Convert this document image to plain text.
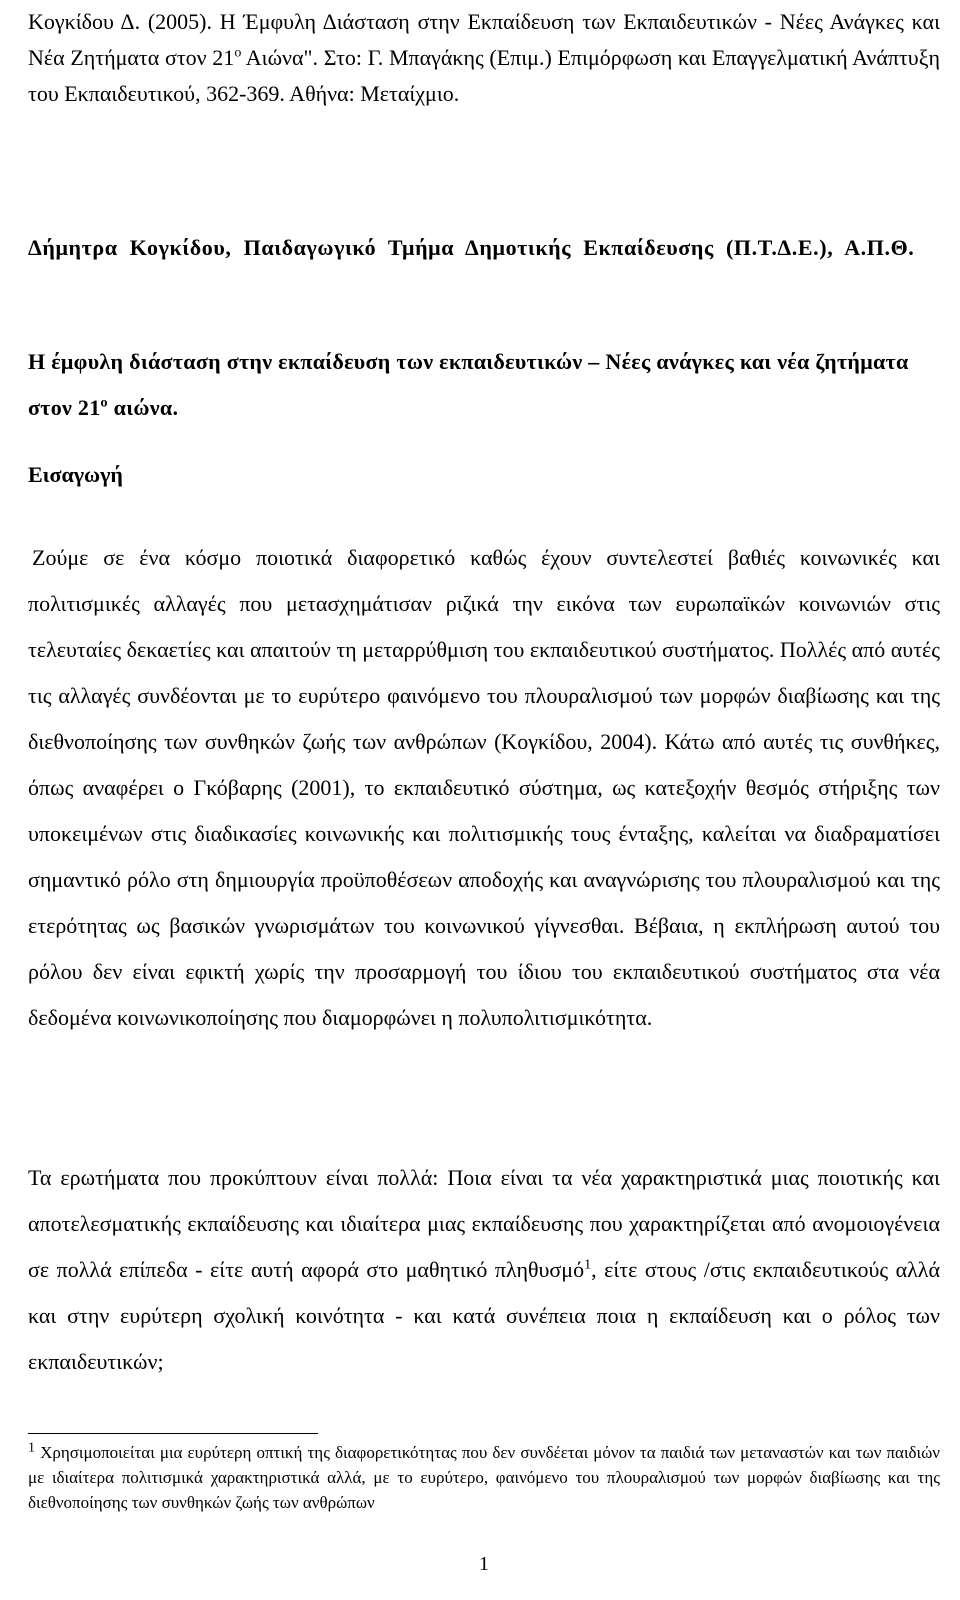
Κογκίδου Δ. (2005). Η Έμφυλη Διάσταση στην Εκπαίδευση των Εκπαιδευτικών - Νέες Ανάγκες και Νέα Ζητήματα στον $21^o$ Αιώνα". Στο: Γ. Μπαγάκης (Επιμ.) Επιμόρφωση και Επαγγελματική Ανάπτυξη του Εκπαιδευτικού, 362-369. Αθήνα: Μεταίχμιο.
Δήμητρα Κογκίδου, Παιδαγωγικό Τμήμα Δημοτικής Εκπαίδευσης (Π.Τ.Δ.Ε.), Α.Π.Θ.
Η έμφυλη διάσταση στην εκπαίδευση των εκπαιδευτικών – Νέες ανάγκες και νέα ζητήματα στον $21^o$ αιώνα.
Εισαγωγή
Ζούμε σε ένα κόσμο ποιοτικά διαφορετικό καθώς έχουν συντελεστεί βαθιές κοινωνικές και πολιτισμικές αλλαγές που μετασχημάτισαν ριζικά την εικόνα των ευρωπαϊκών κοινωνιών στις τελευταίες δεκαετίες και απαιτούν τη μεταρρύθμιση του εκπαιδευτικού συστήματος. Πολλές από αυτές τις αλλαγές συνδέονται με το ευρύτερο φαινόμενο του πλουραλισμού των μορφών διαβίωσης και της διεθνοποίησης των συνθηκών ζωής των ανθρώπων (Κογκίδου, 2004). Κάτω από αυτές τις συνθήκες, όπως αναφέρει ο Γκόβαρης (2001), το εκπαιδευτικό σύστημα, ως κατεξοχήν θεσμός στήριξης των υποκειμένων στις διαδικασίες κοινωνικής και πολιτισμικής τους ένταξης, καλείται να διαδραματίσει σημαντικό ρόλο στη δημιουργία προϋποθέσεων αποδοχής και αναγνώρισης του πλουραλισμού και της ετερότητας ως βασικών γνωρισμάτων του κοινωνικού γίγνεσθαι. Βέβαια, η εκπλήρωση αυτού του ρόλου δεν είναι εφικτή χωρίς την προσαρμογή του ίδιου του εκπαιδευτικού συστήματος στα νέα δεδομένα κοινωνικοποίησης που διαμορφώνει η πολυπολιτισμικότητα.
Τα ερωτήματα που προκύπτουν είναι πολλά: Ποια είναι τα νέα χαρακτηριστικά μιας ποιοτικής και αποτελεσματικής εκπαίδευσης και ιδιαίτερα μιας εκπαίδευσης που χαρακτηρίζεται από ανομοιογένεια σε πολλά επίπεδα - είτε αυτή αφορά στο μαθητικό πληθυσμό$^1$, είτε στους /στις εκπαιδευτικούς αλλά και στην ευρύτερη σχολική κοινότητα - και κατά συνέπεια ποια η εκπαίδευση και ο ρόλος των εκπαιδευτικών;
$^1$ Χρησιμοποιείται μια ευρύτερη οπτική της διαφορετικότητας που δεν συνδέεται μόνον τα παιδιά των μεταναστών και των παιδιών με ιδιαίτερα πολιτισμικά χαρακτηριστικά αλλά, με το ευρύτερο, φαινόμενο του πλουραλισμού των μορφών διαβίωσης και της διεθνοποίησης των συνθηκών ζωής των ανθρώπων
1
